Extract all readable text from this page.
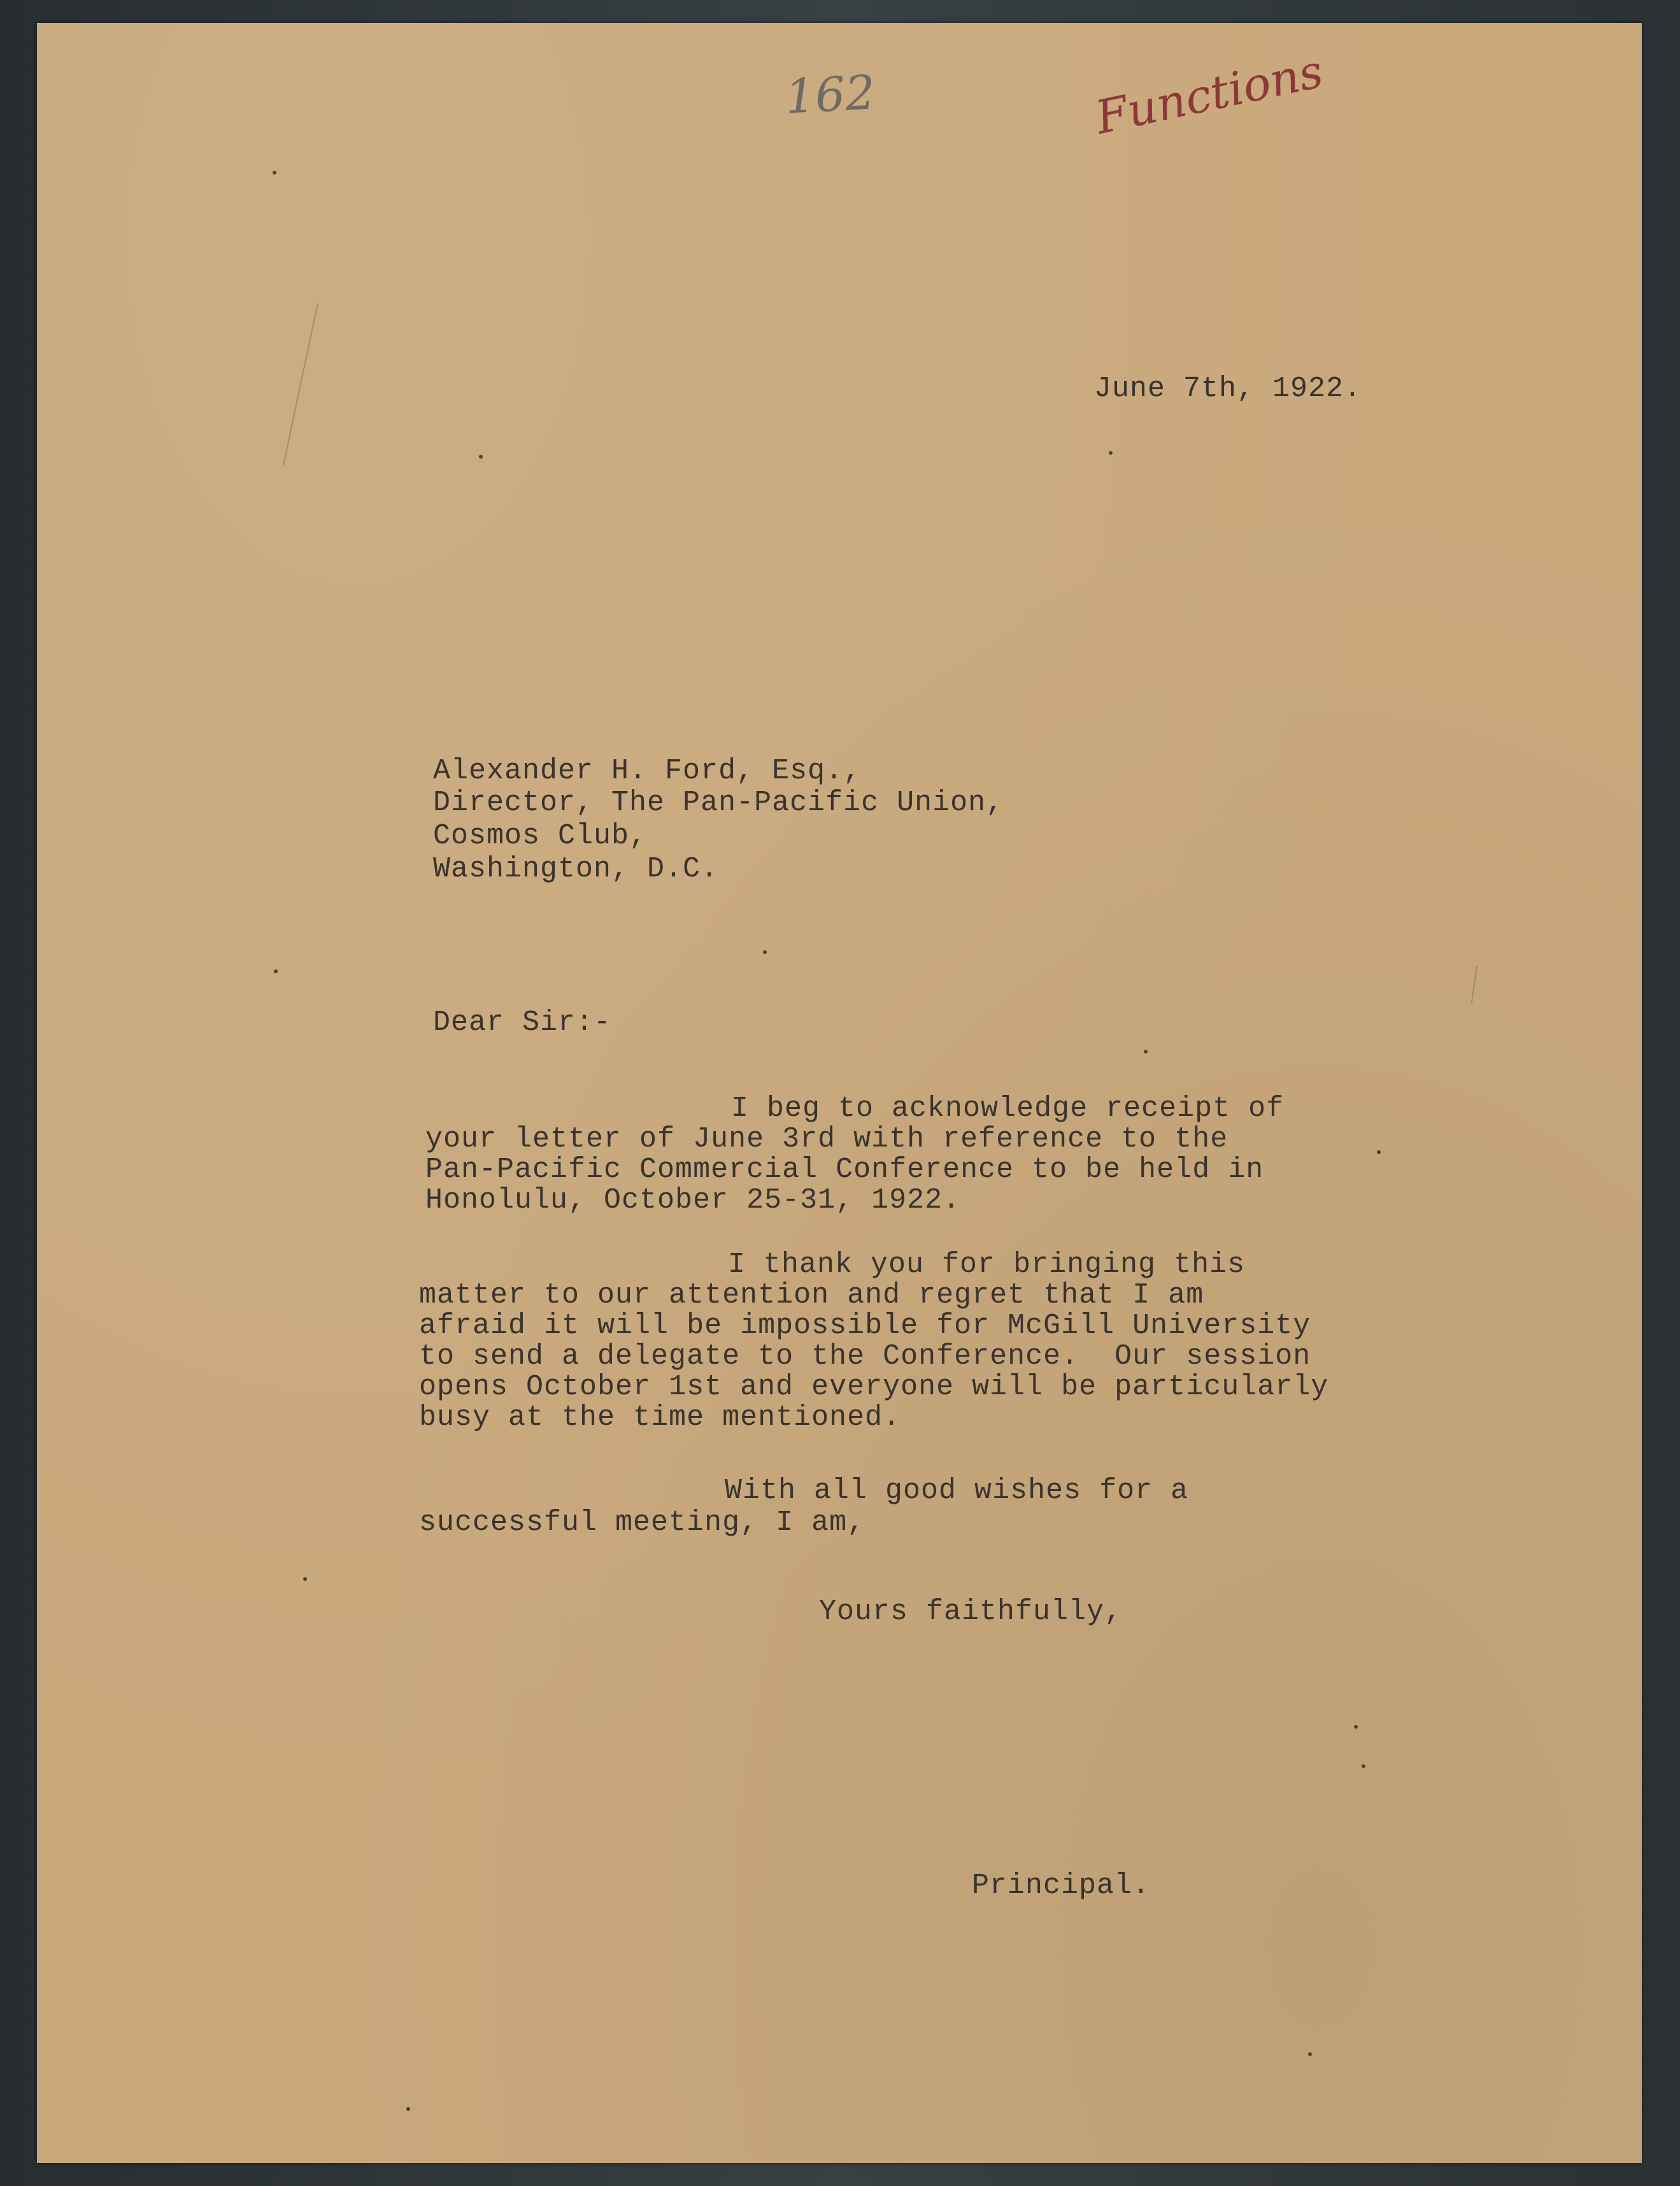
162	Functions
June 7th, 1922.
Alexander H. Ford, Esq.,
Director, The Pan-Pacific Union,
Cosmos Club,
Washington, D.C.
Dear Sir:-
I beg to acknowledge receipt of
your letter of June 3rd with reference to the
Pan-Pacific Commercial Conference to be held in
Honolulu, October 25-31, 1922.
I thank you for bringing this
matter to our attention and regret that I am
afraid it will be impossible for McGill University
to send a delegate to the Conference.  Our session
opens October 1st and everyone will be particularly
busy at the time mentioned.
With all good wishes for a
successful meeting, I am,
Yours faithfully,
Principal.
